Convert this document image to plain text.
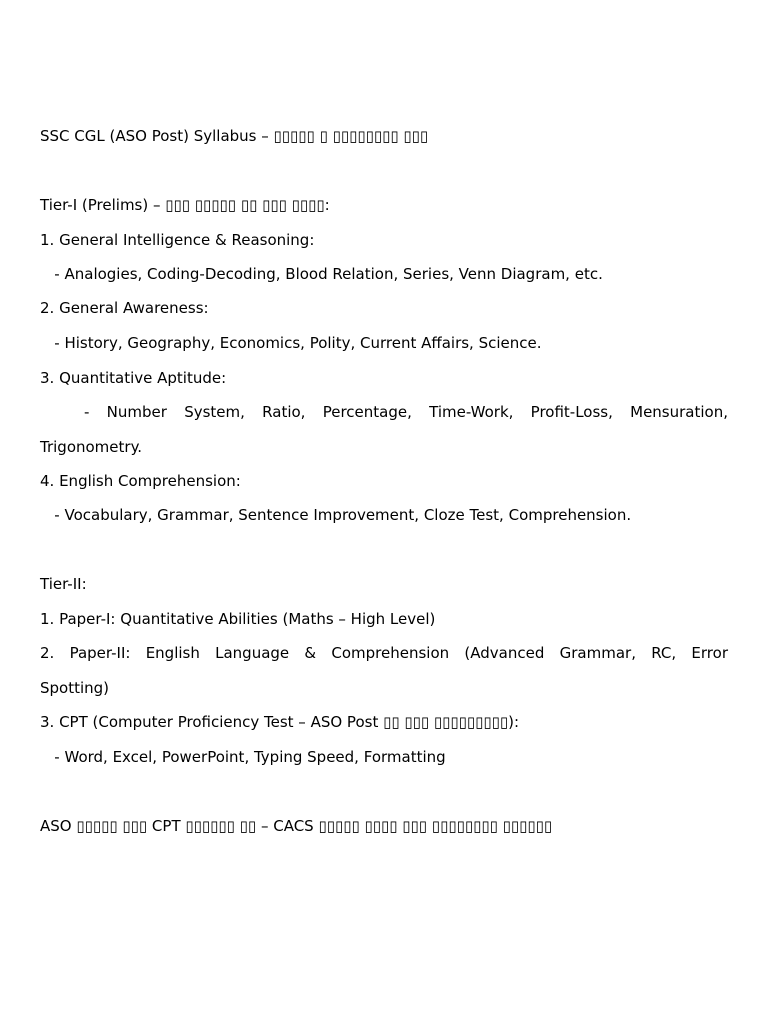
SSC CGL (ASO Post) Syllabus – ▯▯▯▯▯ ▯ ▯▯▯▯▯▯▯▯ ▯▯▯
Tier-I (Prelims) – ▯▯▯ ▯▯▯▯▯ ▯▯ ▯▯▯ ▯▯▯▯:
1. General Intelligence & Reasoning:
- Analogies, Coding-Decoding, Blood Relation, Series, Venn Diagram, etc.
2. General Awareness:
- History, Geography, Economics, Polity, Current Affairs, Science.
3. Quantitative Aptitude:
- Number System, Ratio, Percentage, Time-Work, Profit-Loss, Mensuration,
Trigonometry.
4. English Comprehension:
- Vocabulary, Grammar, Sentence Improvement, Cloze Test, Comprehension.
Tier-II:
1. Paper-I: Quantitative Abilities (Maths – High Level)
2. Paper-II: English Language & Comprehension (Advanced Grammar, RC, Error
Spotting)
3. CPT (Computer Proficiency Test – ASO Post ▯▯ ▯▯▯ ▯▯▯▯▯▯▯▯▯):
- Word, Excel, PowerPoint, Typing Speed, Formatting
ASO ▯▯▯▯▯ ▯▯▯ CPT ▯▯▯▯▯▯ ▯▯ – CACS ▯▯▯▯▯ ▯▯▯▯ ▯▯▯ ▯▯▯▯▯▯▯▯ ▯▯▯▯▯▯
